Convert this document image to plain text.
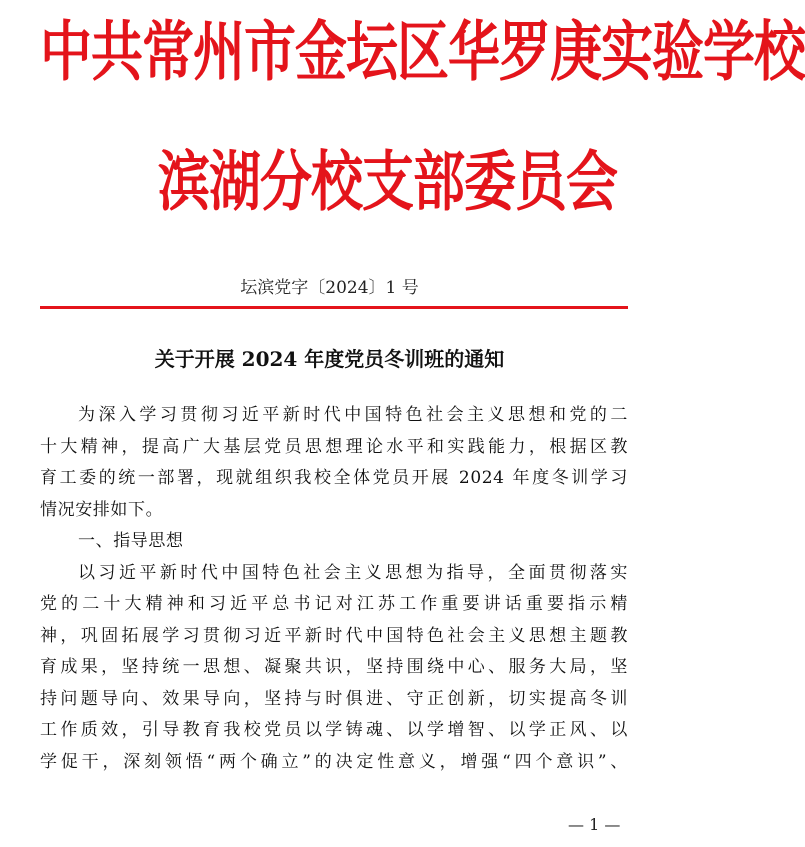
中共常州市金坛区华罗庚实验学校
滨湖分校支部委员会
坛滨党字〔2024〕1 号
关于开展 2024 年度党员冬训班的通知
为深入学习贯彻习近平新时代中国特色社会主义思想和党的二
十大精神，提高广大基层党员思想理论水平和实践能力，根据区教
育工委的统一部署，现就组织我校全体党员开展 2024 年度冬训学习
情况安排如下。
一、指导思想
以习近平新时代中国特色社会主义思想为指导，全面贯彻落实
党的二十大精神和习近平总书记对江苏工作重要讲话重要指示精
神，巩固拓展学习贯彻习近平新时代中国特色社会主义思想主题教
育成果，坚持统一思想、凝聚共识，坚持围绕中心、服务大局，坚
持问题导向、效果导向，坚持与时俱进、守正创新，切实提高冬训
工作质效，引导教育我校党员以学铸魂、以学增智、以学正风、以
学促干，深刻领悟“两个确立”的决定性意义，增强“四个意识”、
— 1 —
